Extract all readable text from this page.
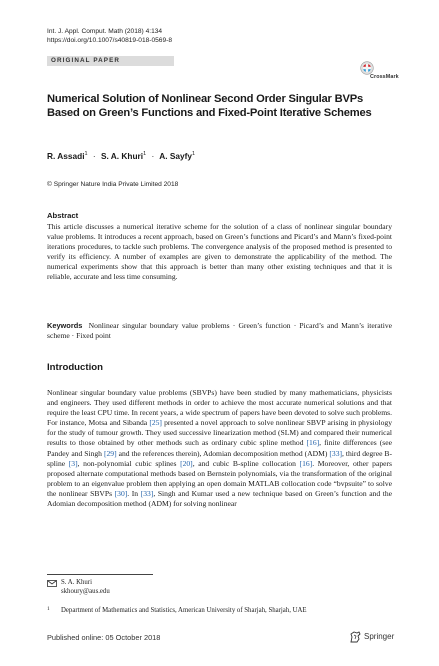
Int. J. Appl. Comput. Math (2018) 4:134
https://doi.org/10.1007/s40819-018-0569-8
ORIGINAL PAPER
CrossMark
Numerical Solution of Nonlinear Second Order Singular BVPs Based on Green’s Functions and Fixed-Point Iterative Schemes
R. Assadi$^1$ · S. A. Khuri$^1$ · A. Sayfy$^1$
© Springer Nature India Private Limited 2018
Abstract
This article discusses a numerical iterative scheme for the solution of a class of nonlinear singular boundary value problems. It introduces a recent approach, based on Green’s functions and Picard’s and Mann’s fixed-point iterations procedures, to tackle such problems. The convergence analysis of the proposed method is presented to verify its efficiency. A number of examples are given to demonstrate the applicability of the method. The numerical experiments show that this approach is better than many other existing techniques and that it is reliable, accurate and less time consuming.
Keywords Nonlinear singular boundary value problems · Green’s function · Picard’s and Mann’s iterative scheme · Fixed point
Introduction
Nonlinear singular boundary value problems (SBVPs) have been studied by many mathematicians, physicists and engineers. They used different methods in order to achieve the most accurate numerical solutions and that require the least CPU time. In recent years, a wide spectrum of papers have been devoted to solve such problems. For instance, Motsa and Sibanda [25] presented a novel approach to solve nonlinear SBVP arising in physiology for the study of tumour growth. They used successive linearization method (SLM) and compared their numerical results to those obtained by other methods such as ordinary cubic spline method [16], finite differences (see Pandey and Singh [29] and the references therein), Adomian decomposition method (ADM) [33], third degree B-spline [3], non-polynomial cubic splines [20], and cubic B-spline collocation [16]. Moreover, other papers proposed alternate computational methods based on Bernstein polynomials, via the transformation of the original problem to an eigenvalue problem then applying an open domain MATLAB collocation code “bvpsuite” to solve the nonlinear SBVPs [30]. In [33], Singh and Kumar used a new technique based on Green’s function and the Adomian decomposition method (ADM) for solving nonlinear
S. A. Khuri
skhoury@aus.edu
1 Department of Mathematics and Statistics, American University of Sharjah, Sharjah, UAE
Published online: 05 October 2018	Springer
